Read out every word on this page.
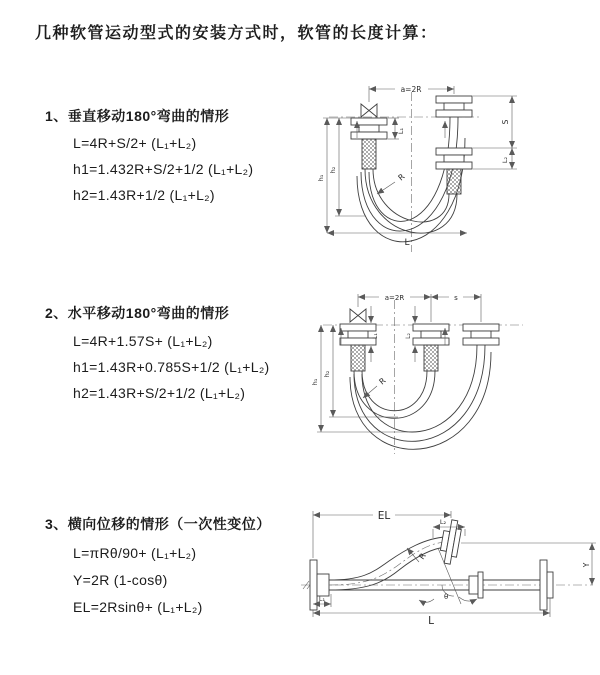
几种软管运动型式的安装方式时，软管的长度计算：
1、垂直移动180°弯曲的情形
L=4R+S/2+ (L₁+L₂)
h1=1.432R+S/2+1/2 (L₁+L₂)
h2=1.43R+1/2 (L₁+L₂)
2、水平移动180°弯曲的情形
L=4R+1.57S+ (L₁+L₂)
h1=1.43R+0.785S+1/2 (L₁+L₂)
h2=1.43R+S/2+1/2 (L₁+L₂)
3、横向位移的情形（一次性变位）
L=πRθ/90+ (L₁+L₂)
Y=2R (1-cosθ)
EL=2Rsinθ+ (L₁+L₂)
a=2R
S
L₂
L₁
h₁
h₂
L
R
a=2R	s
L₁	L₂
h₁
h₂
R
θ
EL	L₂
Y
L
L₁
R
